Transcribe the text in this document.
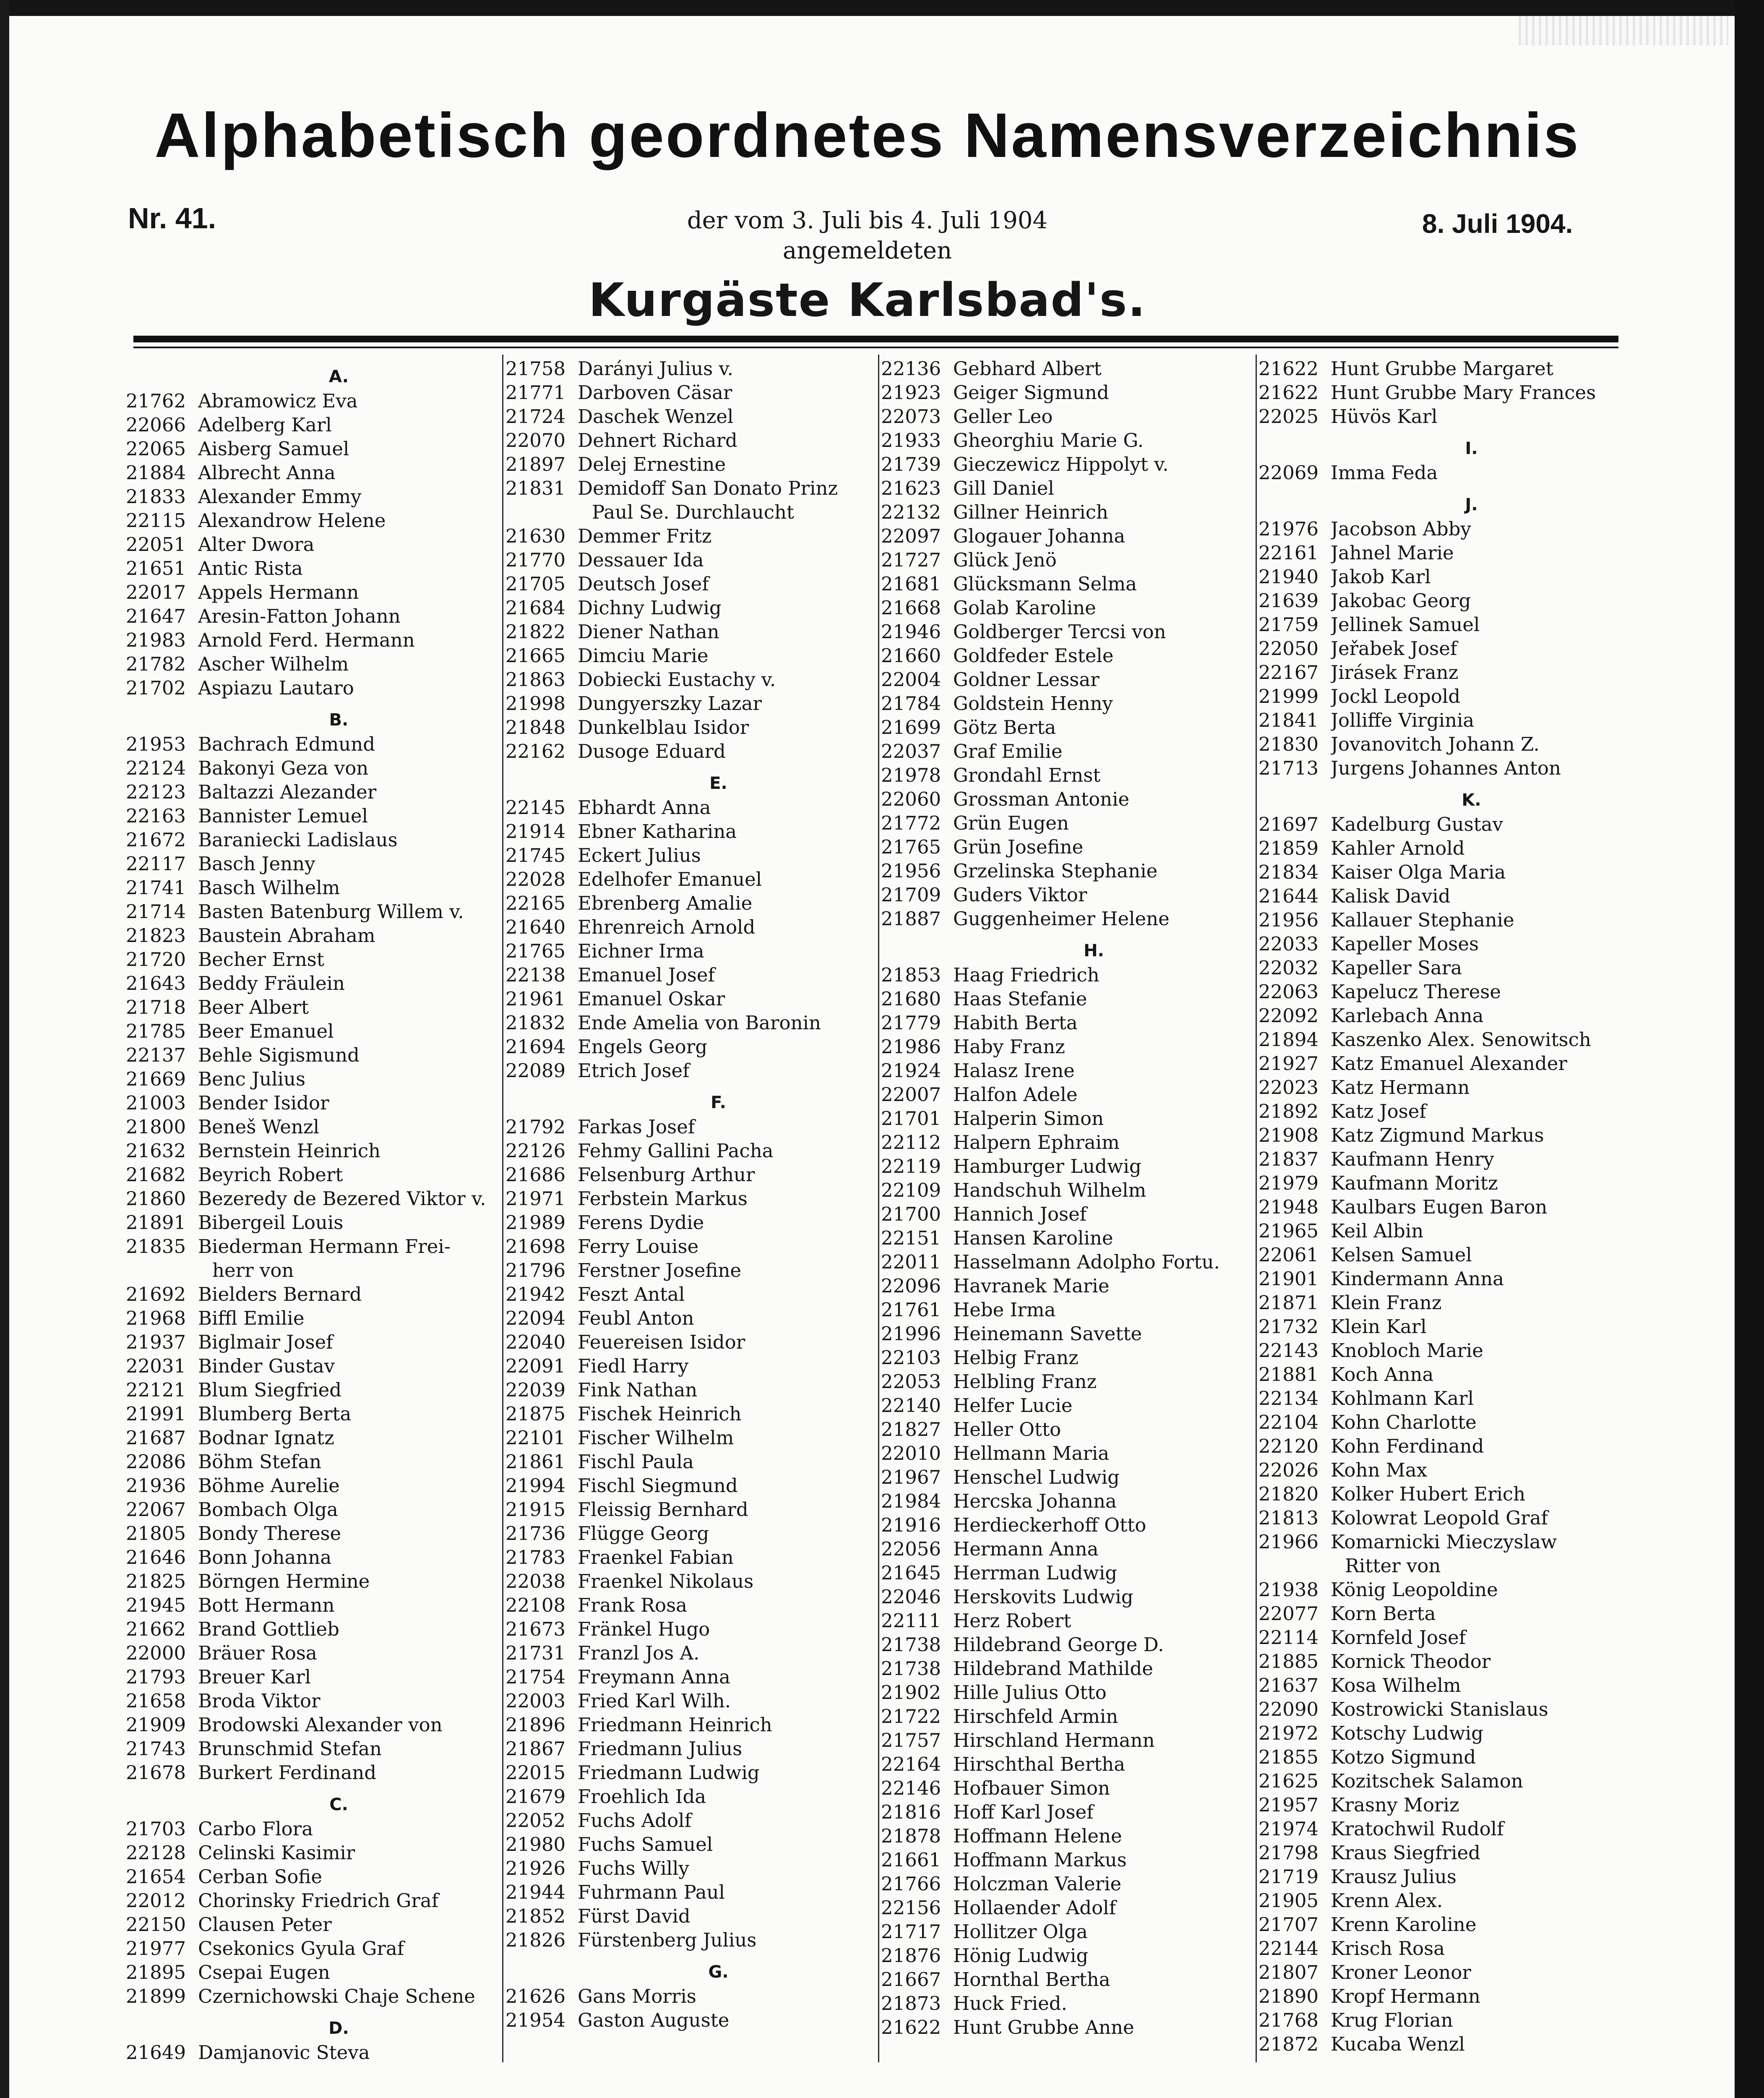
Alphabetisch geordnetes Namensverzeichnis
Nr. 41.	der vom 3. Juli bis 4. Juli 1904
angemeldeten
8. Juli 1904.
Kurgäste Karlsbad's.
A.
21762 Abramowicz Eva
22066 Adelberg Karl
22065 Aisberg Samuel
21884 Albrecht Anna
21833 Alexander Emmy
22115 Alexandrow Helene
22051 Alter Dwora
21651 Antic Rista
22017 Appels Hermann
21647 Aresin-Fatton Johann
21983 Arnold Ferd. Hermann
21782 Ascher Wilhelm
21702 Aspiazu Lautaro
B.
21953 Bachrach Edmund
22124 Bakonyi Geza von
22123 Baltazzi Alezander
22163 Bannister Lemuel
21672 Baraniecki Ladislaus
22117 Basch Jenny
21741 Basch Wilhelm
21714 Basten Batenburg Willem v.
21823 Baustein Abraham
21720 Becher Ernst
21643 Beddy Fräulein
21718 Beer Albert
21785 Beer Emanuel
22137 Behle Sigismund
21669 Benc Julius
21003 Bender Isidor
21800 Beneš Wenzl
21632 Bernstein Heinrich
21682 Beyrich Robert
21860 Bezeredy de Bezered Viktor v.
21891 Bibergeil Louis
21835 Biederman Hermann Frei-
herr von
21692 Bielders Bernard
21968 Biffl Emilie
21937 Biglmair Josef
22031 Binder Gustav
22121 Blum Siegfried
21991 Blumberg Berta
21687 Bodnar Ignatz
22086 Böhm Stefan
21936 Böhme Aurelie
22067 Bombach Olga
21805 Bondy Therese
21646 Bonn Johanna
21825 Börngen Hermine
21945 Bott Hermann
21662 Brand Gottlieb
22000 Bräuer Rosa
21793 Breuer Karl
21658 Broda Viktor
21909 Brodowski Alexander von
21743 Brunschmid Stefan
21678 Burkert Ferdinand
C.
21703 Carbo Flora
22128 Celinski Kasimir
21654 Cerban Sofie
22012 Chorinsky Friedrich Graf
22150 Clausen Peter
21977 Csekonics Gyula Graf
21895 Csepai Eugen
21899 Czernichowski Chaje Schene
D.
21649 Damjanovic Steva
21758 Darányi Julius v.
21771 Darboven Cäsar
21724 Daschek Wenzel
22070 Dehnert Richard
21897 Delej Ernestine
21831 Demidoff San Donato Prinz
Paul Se. Durchlaucht
21630 Demmer Fritz
21770 Dessauer Ida
21705 Deutsch Josef
21684 Dichny Ludwig
21822 Diener Nathan
21665 Dimciu Marie
21863 Dobiecki Eustachy v.
21998 Dungyerszky Lazar
21848 Dunkelblau Isidor
22162 Dusoge Eduard
E.
22145 Ebhardt Anna
21914 Ebner Katharina
21745 Eckert Julius
22028 Edelhofer Emanuel
22165 Ebrenberg Amalie
21640 Ehrenreich Arnold
21765 Eichner Irma
22138 Emanuel Josef
21961 Emanuel Oskar
21832 Ende Amelia von Baronin
21694 Engels Georg
22089 Etrich Josef
F.
21792 Farkas Josef
22126 Fehmy Gallini Pacha
21686 Felsenburg Arthur
21971 Ferbstein Markus
21989 Ferens Dydie
21698 Ferry Louise
21796 Ferstner Josefine
21942 Feszt Antal
22094 Feubl Anton
22040 Feuereisen Isidor
22091 Fiedl Harry
22039 Fink Nathan
21875 Fischek Heinrich
22101 Fischer Wilhelm
21861 Fischl Paula
21994 Fischl Siegmund
21915 Fleissig Bernhard
21736 Flügge Georg
21783 Fraenkel Fabian
22038 Fraenkel Nikolaus
22108 Frank Rosa
21673 Fränkel Hugo
21731 Franzl Jos A.
21754 Freymann Anna
22003 Fried Karl Wilh.
21896 Friedmann Heinrich
21867 Friedmann Julius
22015 Friedmann Ludwig
21679 Froehlich Ida
22052 Fuchs Adolf
21980 Fuchs Samuel
21926 Fuchs Willy
21944 Fuhrmann Paul
21852 Fürst David
21826 Fürstenberg Julius
G.
21626 Gans Morris
21954 Gaston Auguste
22136 Gebhard Albert
21923 Geiger Sigmund
22073 Geller Leo
21933 Gheorghiu Marie G.
21739 Gieczewicz Hippolyt v.
21623 Gill Daniel
22132 Gillner Heinrich
22097 Glogauer Johanna
21727 Glück Jenö
21681 Glücksmann Selma
21668 Golab Karoline
21946 Goldberger Tercsi von
21660 Goldfeder Estele
22004 Goldner Lessar
21784 Goldstein Henny
21699 Götz Berta
22037 Graf Emilie
21978 Grondahl Ernst
22060 Grossman Antonie
21772 Grün Eugen
21765 Grün Josefine
21956 Grzelinska Stephanie
21709 Guders Viktor
21887 Guggenheimer Helene
H.
21853 Haag Friedrich
21680 Haas Stefanie
21779 Habith Berta
21986 Haby Franz
21924 Halasz Irene
22007 Halfon Adele
21701 Halperin Simon
22112 Halpern Ephraim
22119 Hamburger Ludwig
22109 Handschuh Wilhelm
21700 Hannich Josef
22151 Hansen Karoline
22011 Hasselmann Adolpho Fortu.
22096 Havranek Marie
21761 Hebe Irma
21996 Heinemann Savette
22103 Helbig Franz
22053 Helbling Franz
22140 Helfer Lucie
21827 Heller Otto
22010 Hellmann Maria
21967 Henschel Ludwig
21984 Hercska Johanna
21916 Herdieckerhoff Otto
22056 Hermann Anna
21645 Herrman Ludwig
22046 Herskovits Ludwig
22111 Herz Robert
21738 Hildebrand George D.
21738 Hildebrand Mathilde
21902 Hille Julius Otto
21722 Hirschfeld Armin
21757 Hirschland Hermann
22164 Hirschthal Bertha
22146 Hofbauer Simon
21816 Hoff Karl Josef
21878 Hoffmann Helene
21661 Hoffmann Markus
21766 Holczman Valerie
22156 Hollaender Adolf
21717 Hollitzer Olga
21876 Hönig Ludwig
21667 Hornthal Bertha
21873 Huck Fried.
21622 Hunt Grubbe Anne
21622 Hunt Grubbe Margaret
21622 Hunt Grubbe Mary Frances
22025 Hüvös Karl
I.
22069 Imma Feda
J.
21976 Jacobson Abby
22161 Jahnel Marie
21940 Jakob Karl
21639 Jakobac Georg
21759 Jellinek Samuel
22050 Jeřabek Josef
22167 Jirásek Franz
21999 Jockl Leopold
21841 Jolliffe Virginia
21830 Jovanovitch Johann Z.
21713 Jurgens Johannes Anton
K.
21697 Kadelburg Gustav
21859 Kahler Arnold
21834 Kaiser Olga Maria
21644 Kalisk David
21956 Kallauer Stephanie
22033 Kapeller Moses
22032 Kapeller Sara
22063 Kapelucz Therese
22092 Karlebach Anna
21894 Kaszenko Alex. Senowitsch
21927 Katz Emanuel Alexander
22023 Katz Hermann
21892 Katz Josef
21908 Katz Zigmund Markus
21837 Kaufmann Henry
21979 Kaufmann Moritz
21948 Kaulbars Eugen Baron
21965 Keil Albin
22061 Kelsen Samuel
21901 Kindermann Anna
21871 Klein Franz
21732 Klein Karl
22143 Knobloch Marie
21881 Koch Anna
22134 Kohlmann Karl
22104 Kohn Charlotte
22120 Kohn Ferdinand
22026 Kohn Max
21820 Kolker Hubert Erich
21813 Kolowrat Leopold Graf
21966 Komarnicki Mieczyslaw
Ritter von
21938 König Leopoldine
22077 Korn Berta
22114 Kornfeld Josef
21885 Kornick Theodor
21637 Kosa Wilhelm
22090 Kostrowicki Stanislaus
21972 Kotschy Ludwig
21855 Kotzo Sigmund
21625 Kozitschek Salamon
21957 Krasny Moriz
21974 Kratochwil Rudolf
21798 Kraus Siegfried
21719 Krausz Julius
21905 Krenn Alex.
21707 Krenn Karoline
22144 Krisch Rosa
21807 Kroner Leonor
21890 Kropf Hermann
21768 Krug Florian
21872 Kucaba Wenzl
